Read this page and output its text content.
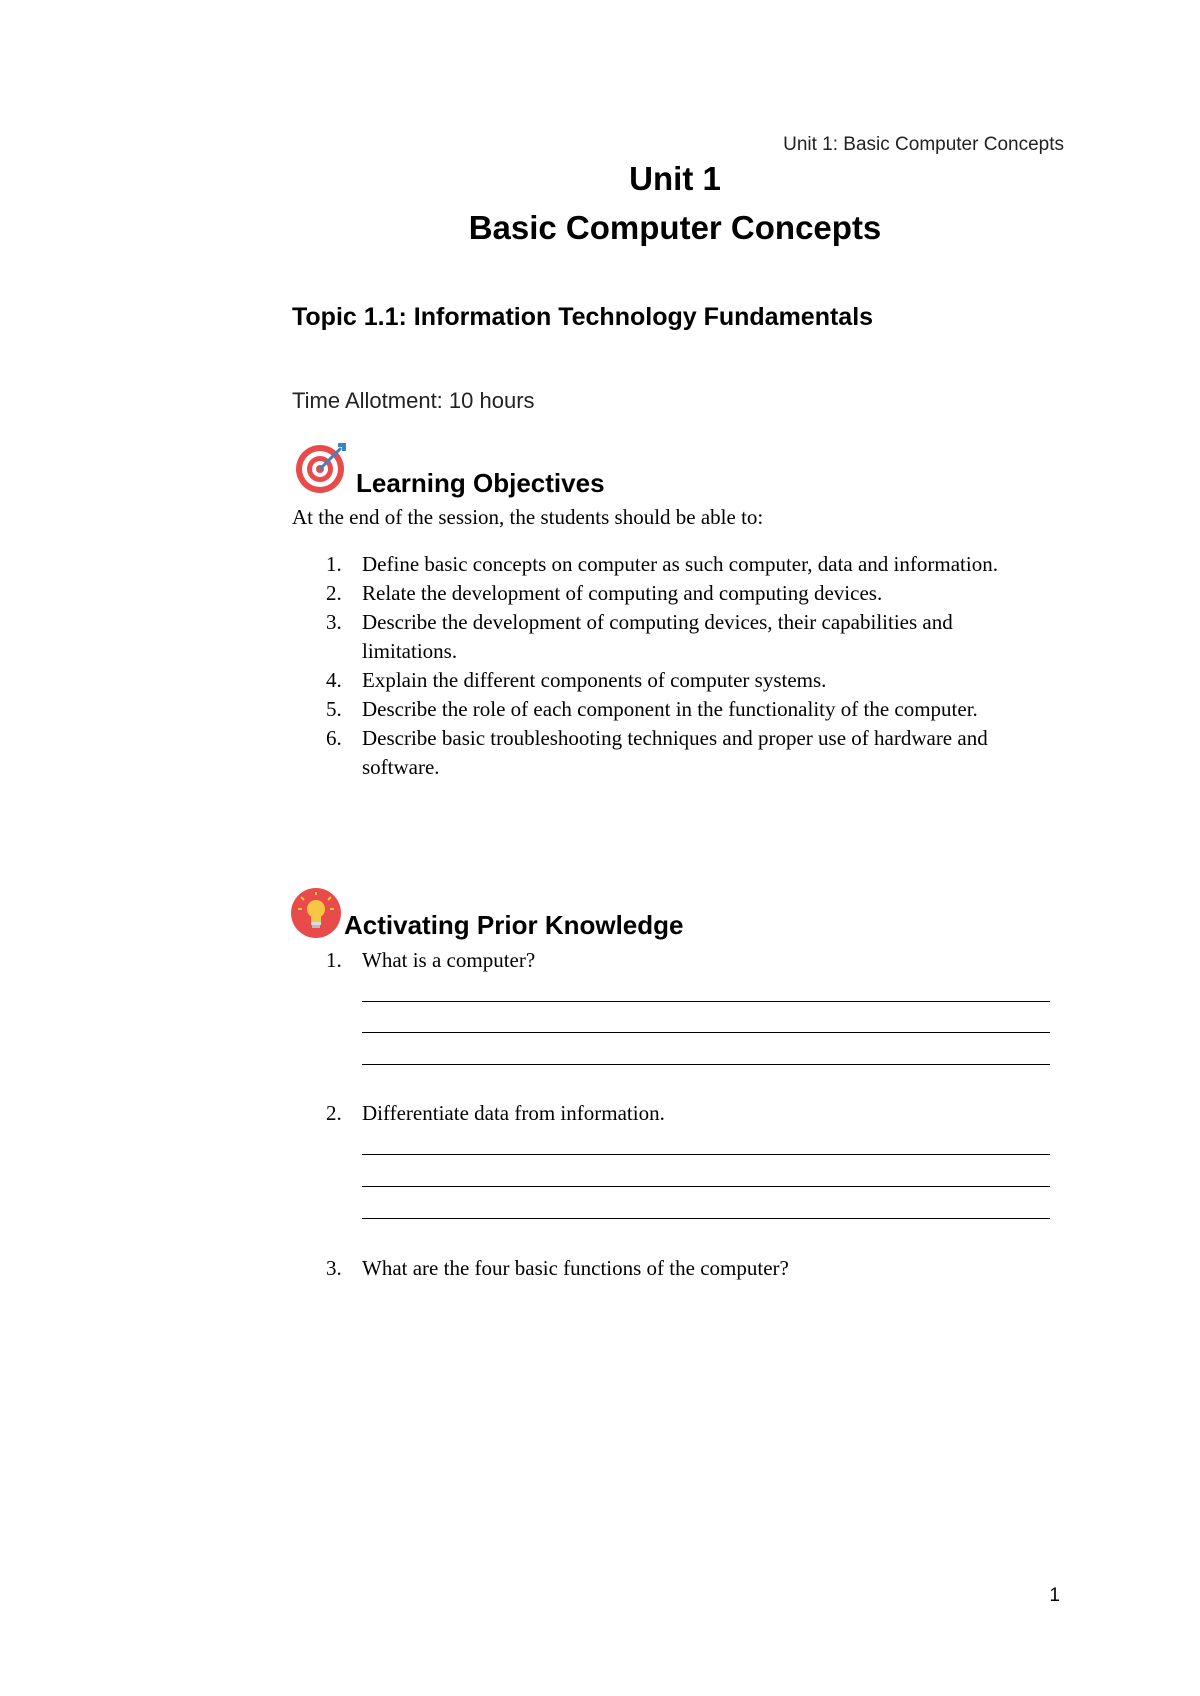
Unit 1: Basic Computer Concepts
Unit 1
Basic Computer Concepts
Topic 1.1: Information Technology Fundamentals
Time Allotment: 10 hours
Learning Objectives
At the end of the session, the students should be able to:
1. Define basic concepts on computer as such computer, data and information.
2. Relate the development of computing and computing devices.
3. Describe the development of computing devices, their capabilities and limitations.
4. Explain the different components of computer systems.
5. Describe the role of each component in the functionality of the computer.
6. Describe basic troubleshooting techniques and proper use of hardware and software.
Activating Prior Knowledge
1. What is a computer?
2. Differentiate data from information.
3. What are the four basic functions of the computer?
1
